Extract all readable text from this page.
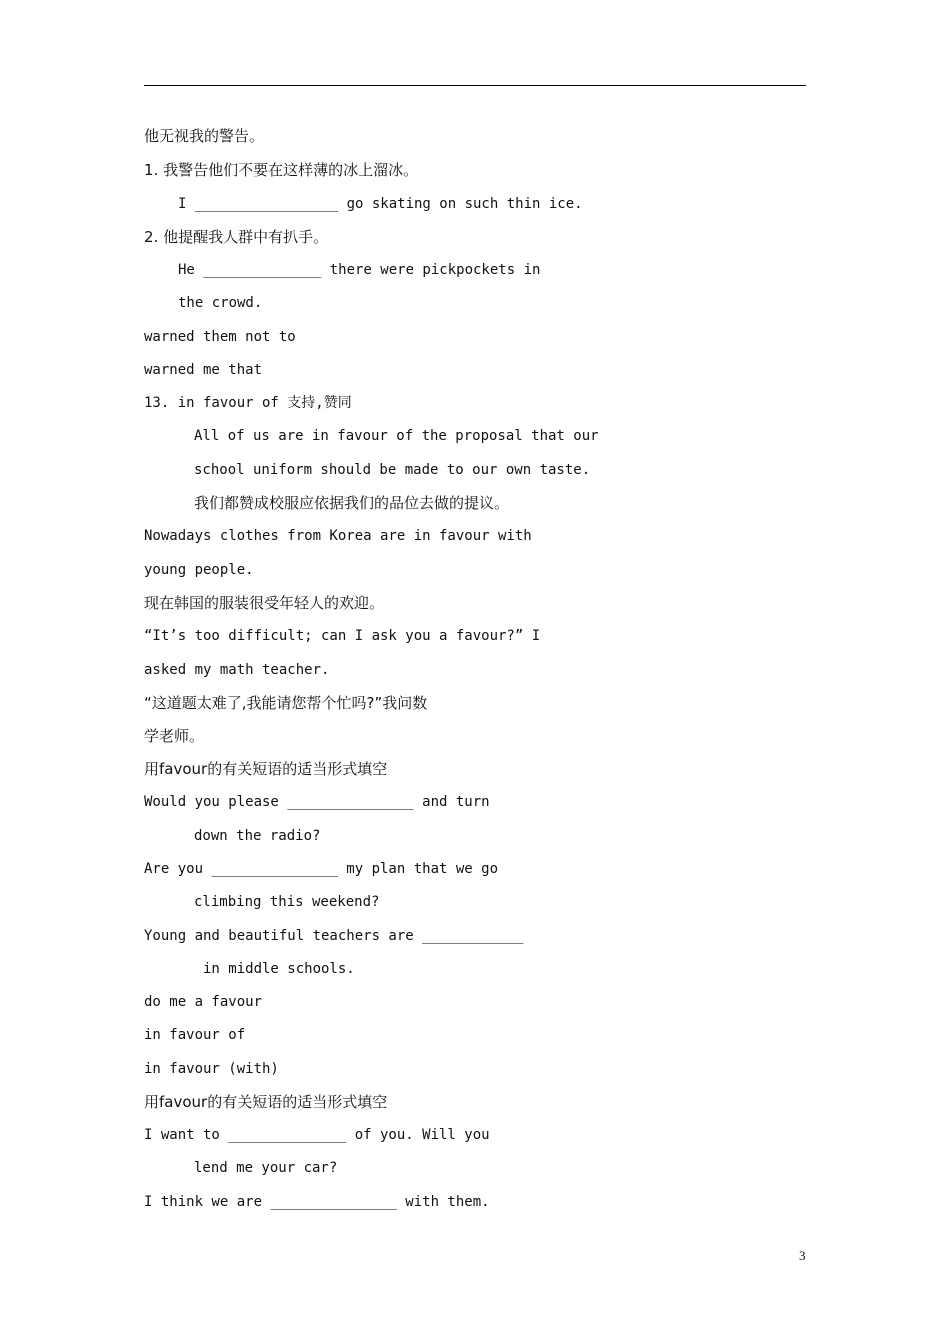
他无视我的警告。
1. 我警告他们不要在这样薄的冰上溜冰。
I _________________ go skating on such thin ice.
2. 他提醒我人群中有扒手。
He ______________ there were pickpockets in
the crowd.
warned them not to
warned me that
13. in favour of 支持,赞同
All of us are in favour of the proposal that our
school uniform should be made to our own taste.
我们都赞成校服应依据我们的品位去做的提议。
Nowadays clothes from Korea are in favour with
young people.
现在韩国的服装很受年轻人的欢迎。
“It’s too difficult; can I ask you a favour?” I
asked my math teacher.
“这道题太难了,我能请您帮个忙吗?”我问数
学老师。
用favour的有关短语的适当形式填空
Would you please _______________ and turn
down the radio?
Are you _______________ my plan that we go
climbing this weekend?
Young and beautiful teachers are ____________
in middle schools.
do me a favour
in favour of
in favour (with)
用favour的有关短语的适当形式填空
I want to ______________ of you. Will you
lend me your car?
I think we are _______________ with them.
3
